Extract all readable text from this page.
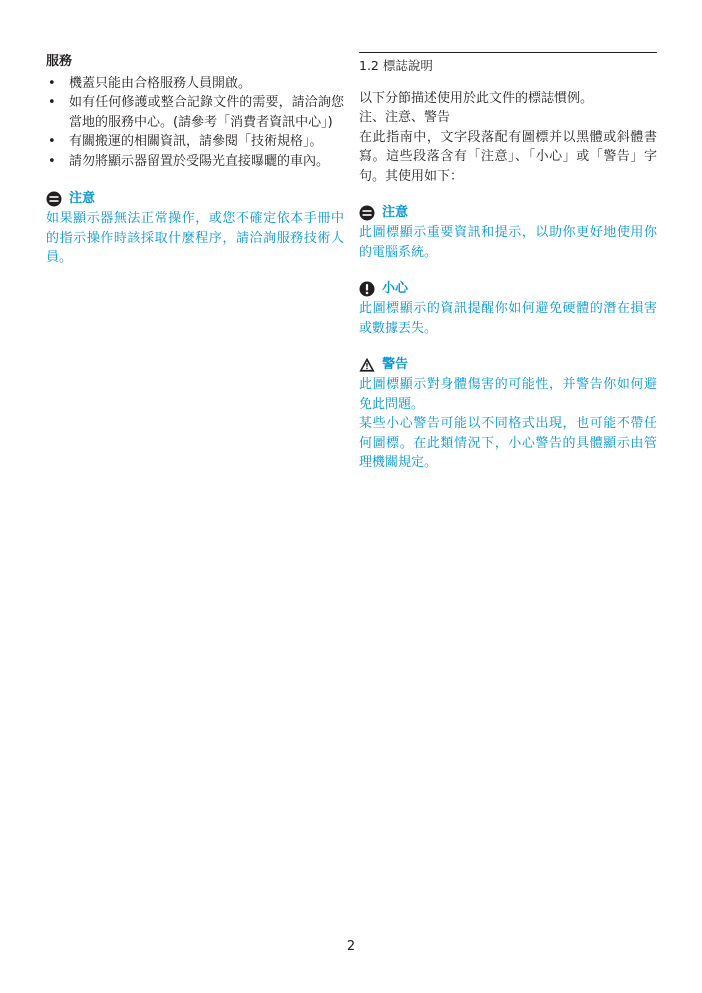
服務
• 機蓋只能由合格服務人員開啟。
• 如有任何修護或整合記錄文件的需要，請洽詢您當地的服務中心。(請參考「消費者資訊中心」)
• 有關搬運的相關資訊，請參閱「技術規格」。
• 請勿將顯示器留置於受陽光直接曝曬的車內。
注意

如果顯示器無法正常操作，或您不確定依本手冊中的指示操作時該採取什麼程序，請洽詢服務技術人員。

1.2 標誌說明

以下分節描述使用於此文件的標誌慣例。

注、注意、警告

在此指南中，文字段落配有圖標并以黑體或斜體書寫。這些段落含有「注意」、「小心」或「警告」字句。其使用如下：

注意

此圖標顯示重要資訊和提示，以助你更好地使用你的電腦系統。

小心

此圖標顯示的資訊提醒你如何避免硬體的潛在損害或數據丟失。

警告

此圖標顯示對身體傷害的可能性，并警告你如何避免此問題。

某些小心警告可能以不同格式出現，也可能不帶任何圖標。在此類情況下，小心警告的具體顯示由管理機關規定。

2
